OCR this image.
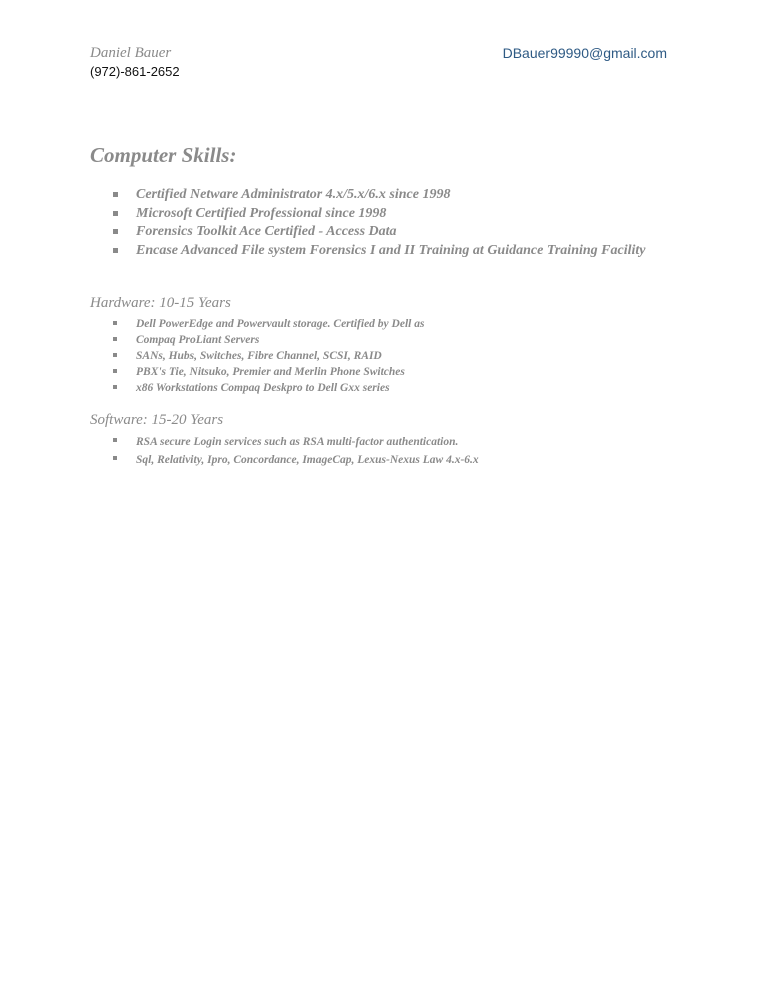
Daniel Bauer	DBauer99990@gmail.com
(972)-861-2652
Computer Skills:
Certified Netware Administrator 4.x/5.x/6.x since 1998
Microsoft Certified Professional since 1998
Forensics Toolkit Ace Certified - Access Data
Encase Advanced File system Forensics I and II Training at Guidance Training Facility
Hardware: 10-15 Years
Dell PowerEdge and Powervault storage. Certified by Dell as
Compaq ProLiant Servers
SANs, Hubs, Switches, Fibre Channel, SCSI, RAID
PBX's Tie, Nitsuko, Premier and Merlin Phone Switches
x86 Workstations Compaq Deskpro to Dell Gxx series
Software: 15-20 Years
RSA secure Login services such as RSA multi-factor authentication.
Sql, Relativity, Ipro, Concordance, ImageCap, Lexus-Nexus Law 4.x-6.x
